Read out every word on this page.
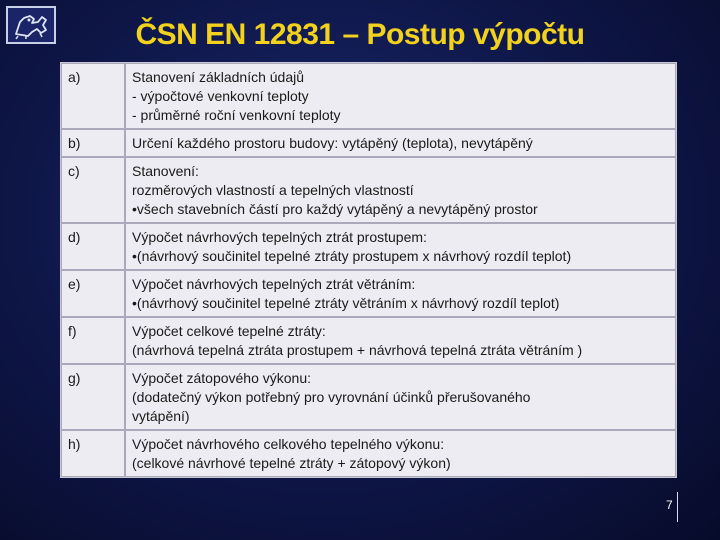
ČSN EN 12831 – Postup výpočtu
a)	Stanovení základních údajů
- výpočtové venkovní teploty
- průměrné roční venkovní teploty

b)	Určení každého prostoru budovy: vytápěný (teplota), nevytápěný

c)	Stanovení:
rozměrových vlastností a tepelných vlastností
•všech stavebních částí pro každý vytápěný a nevytápěný prostor

d)	Výpočet návrhových tepelných ztrát prostupem:
•(návrhový součinitel tepelné ztráty prostupem x návrhový rozdíl teplot)

e)	Výpočet návrhových tepelných ztrát větráním:
•(návrhový součinitel tepelné ztráty větráním x návrhový rozdíl teplot)

f)	Výpočet celkové tepelné ztráty:
(návrhová tepelná ztráta prostupem + návrhová tepelná ztráta větráním )

g)	Výpočet zátopového výkonu:
(dodatečný výkon potřebný pro vyrovnání účinků přerušovaného
vytápění)

h)	Výpočet návrhového celkového tepelného výkonu:
(celkové návrhové tepelné ztráty + zátopový výkon)
7
